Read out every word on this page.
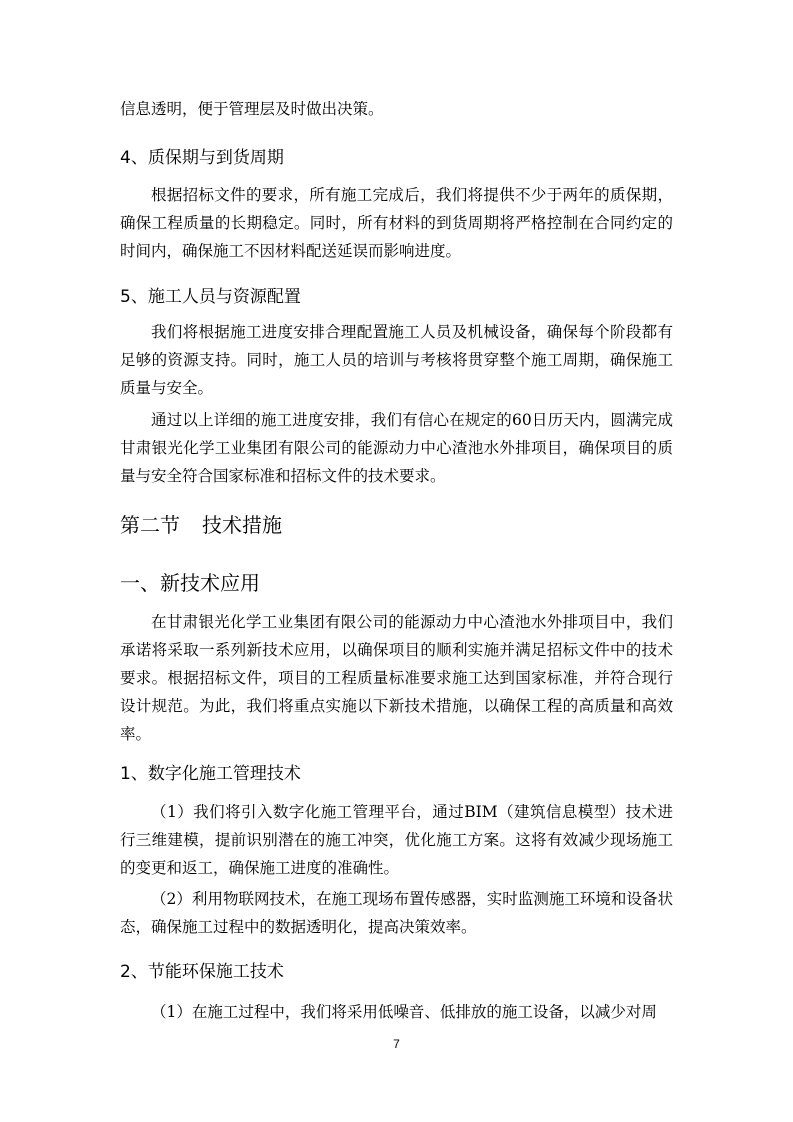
信息透明，便于管理层及时做出决策。

4、质保期与到货周期

根据招标文件的要求，所有施工完成后，我们将提供不少于两年的质保期，确保工程质量的长期稳定。同时，所有材料的到货周期将严格控制在合同约定的时间内，确保施工不因材料配送延误而影响进度。

5、施工人员与资源配置

我们将根据施工进度安排合理配置施工人员及机械设备，确保每个阶段都有足够的资源支持。同时，施工人员的培训与考核将贯穿整个施工周期，确保施工质量与安全。

通过以上详细的施工进度安排，我们有信心在规定的60日历天内，圆满完成甘肃银光化学工业集团有限公司的能源动力中心渣池水外排项目，确保项目的质量与安全符合国家标准和招标文件的技术要求。

第二节 技术措施
一、新技术应用

在甘肃银光化学工业集团有限公司的能源动力中心渣池水外排项目中，我们承诺将采取一系列新技术应用，以确保项目的顺利实施并满足招标文件中的技术要求。根据招标文件，项目的工程质量标准要求施工达到国家标准，并符合现行设计规范。为此，我们将重点实施以下新技术措施，以确保工程的高质量和高效率。

1、数字化施工管理技术

（1）我们将引入数字化施工管理平台，通过BIM（建筑信息模型）技术进行三维建模，提前识别潜在的施工冲突，优化施工方案。这将有效减少现场施工的变更和返工，确保施工进度的准确性。

（2）利用物联网技术，在施工现场布置传感器，实时监测施工环境和设备状态，确保施工过程中的数据透明化，提高决策效率。

2、节能环保施工技术

（1）在施工过程中，我们将采用低噪音、低排放的施工设备，以减少对周

7
